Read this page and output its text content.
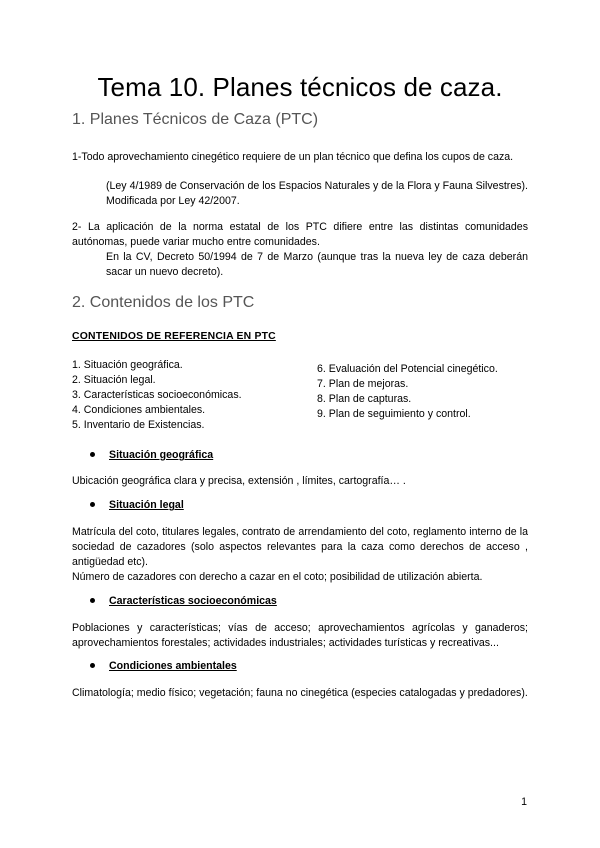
Tema 10. Planes técnicos de caza.
1. Planes Técnicos de Caza (PTC)

1-Todo aprovechamiento cinegético requiere de un plan técnico que defina los cupos de caza.

(Ley 4/1989 de Conservación de los Espacios Naturales y de la Flora y Fauna Silvestres). Modificada por Ley 42/2007.

2- La aplicación de la norma estatal de los PTC difiere entre las distintas comunidades autónomas, puede variar mucho entre comunidades.

En la CV, Decreto 50/1994 de 7 de Marzo (aunque tras la nueva ley de caza deberán sacar un nuevo decreto).

2. Contenidos de los PTC

CONTENIDOS DE REFERENCIA EN PTC

1. Situación geográfica.
2. Situación legal.
3. Características socioeconómicas.
4. Condiciones ambientales.
5. Inventario de Existencias.
6. Evaluación del Potencial cinegético.
7. Plan de mejoras.
8. Plan de capturas.
9. Plan de seguimiento y control.

Situación geográfica

Ubicación geográfica clara y precisa, extensión , límites, cartografía… .

Situación legal

Matrícula del coto, titulares legales, contrato de arrendamiento del coto, reglamento interno de la sociedad de cazadores (solo aspectos relevantes para la caza como derechos de acceso , antigüedad etc).

Número de cazadores con derecho a cazar en el coto; posibilidad de utilización abierta.

Características socioeconómicas

Poblaciones y características; vías de acceso; aprovechamientos agrícolas y ganaderos; aprovechamientos forestales; actividades industriales; actividades turísticas y recreativas...

Condiciones ambientales

Climatología; medio físico; vegetación; fauna no cinegética (especies catalogadas y predadores).

1
